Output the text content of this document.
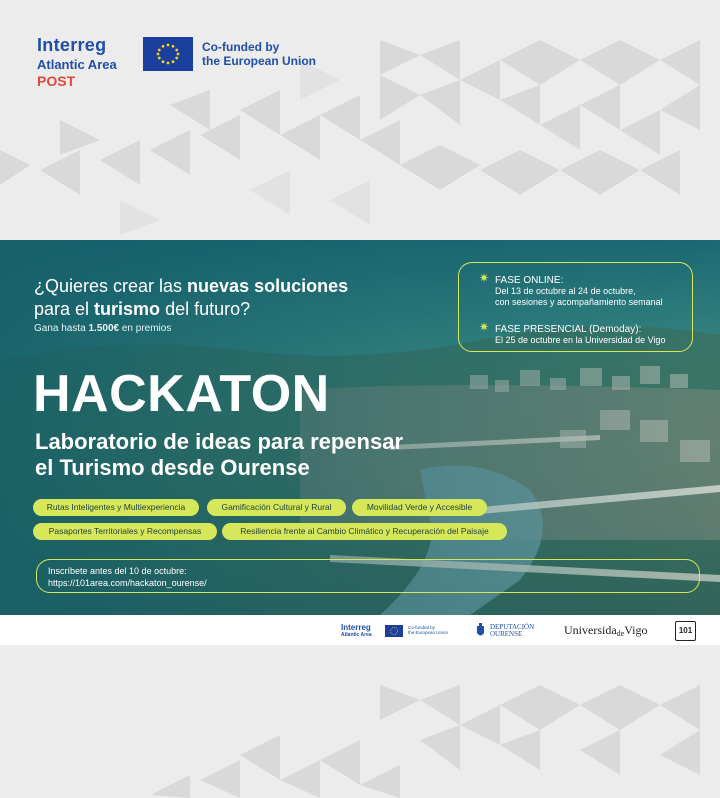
Interreg
Atlantic Area
POST
Co-funded by
the European Union
¿Quieres crear las nuevas soluciones
para el turismo del futuro?
Gana hasta 1.500€ en premios
✷ FASE ONLINE:
Del 13 de octubre al 24 de octubre,
con sesiones y acompañamiento semanal
✷ FASE PRESENCIAL (Demoday):
El 25 de octubre en la Universidad de Vigo
HACKATON
Laboratorio de ideas para repensar
el Turismo desde Ourense
Rutas Inteligentes y Multiexperiencia	Gamificación Cultural y Rural	Movilidad Verde y Accesible
Pasaportes Territoriales y Recompensas	Resiliencia frente al Cambio Climático y Recuperación del Paisaje
Inscríbete antes del 10 de octubre:
https://101area.com/hackaton_ourense/
Interreg
Atlantic Area
Co-funded by
the European Union
DEPUTACIÓN
OURENSE	UniversidadeVigo	101
